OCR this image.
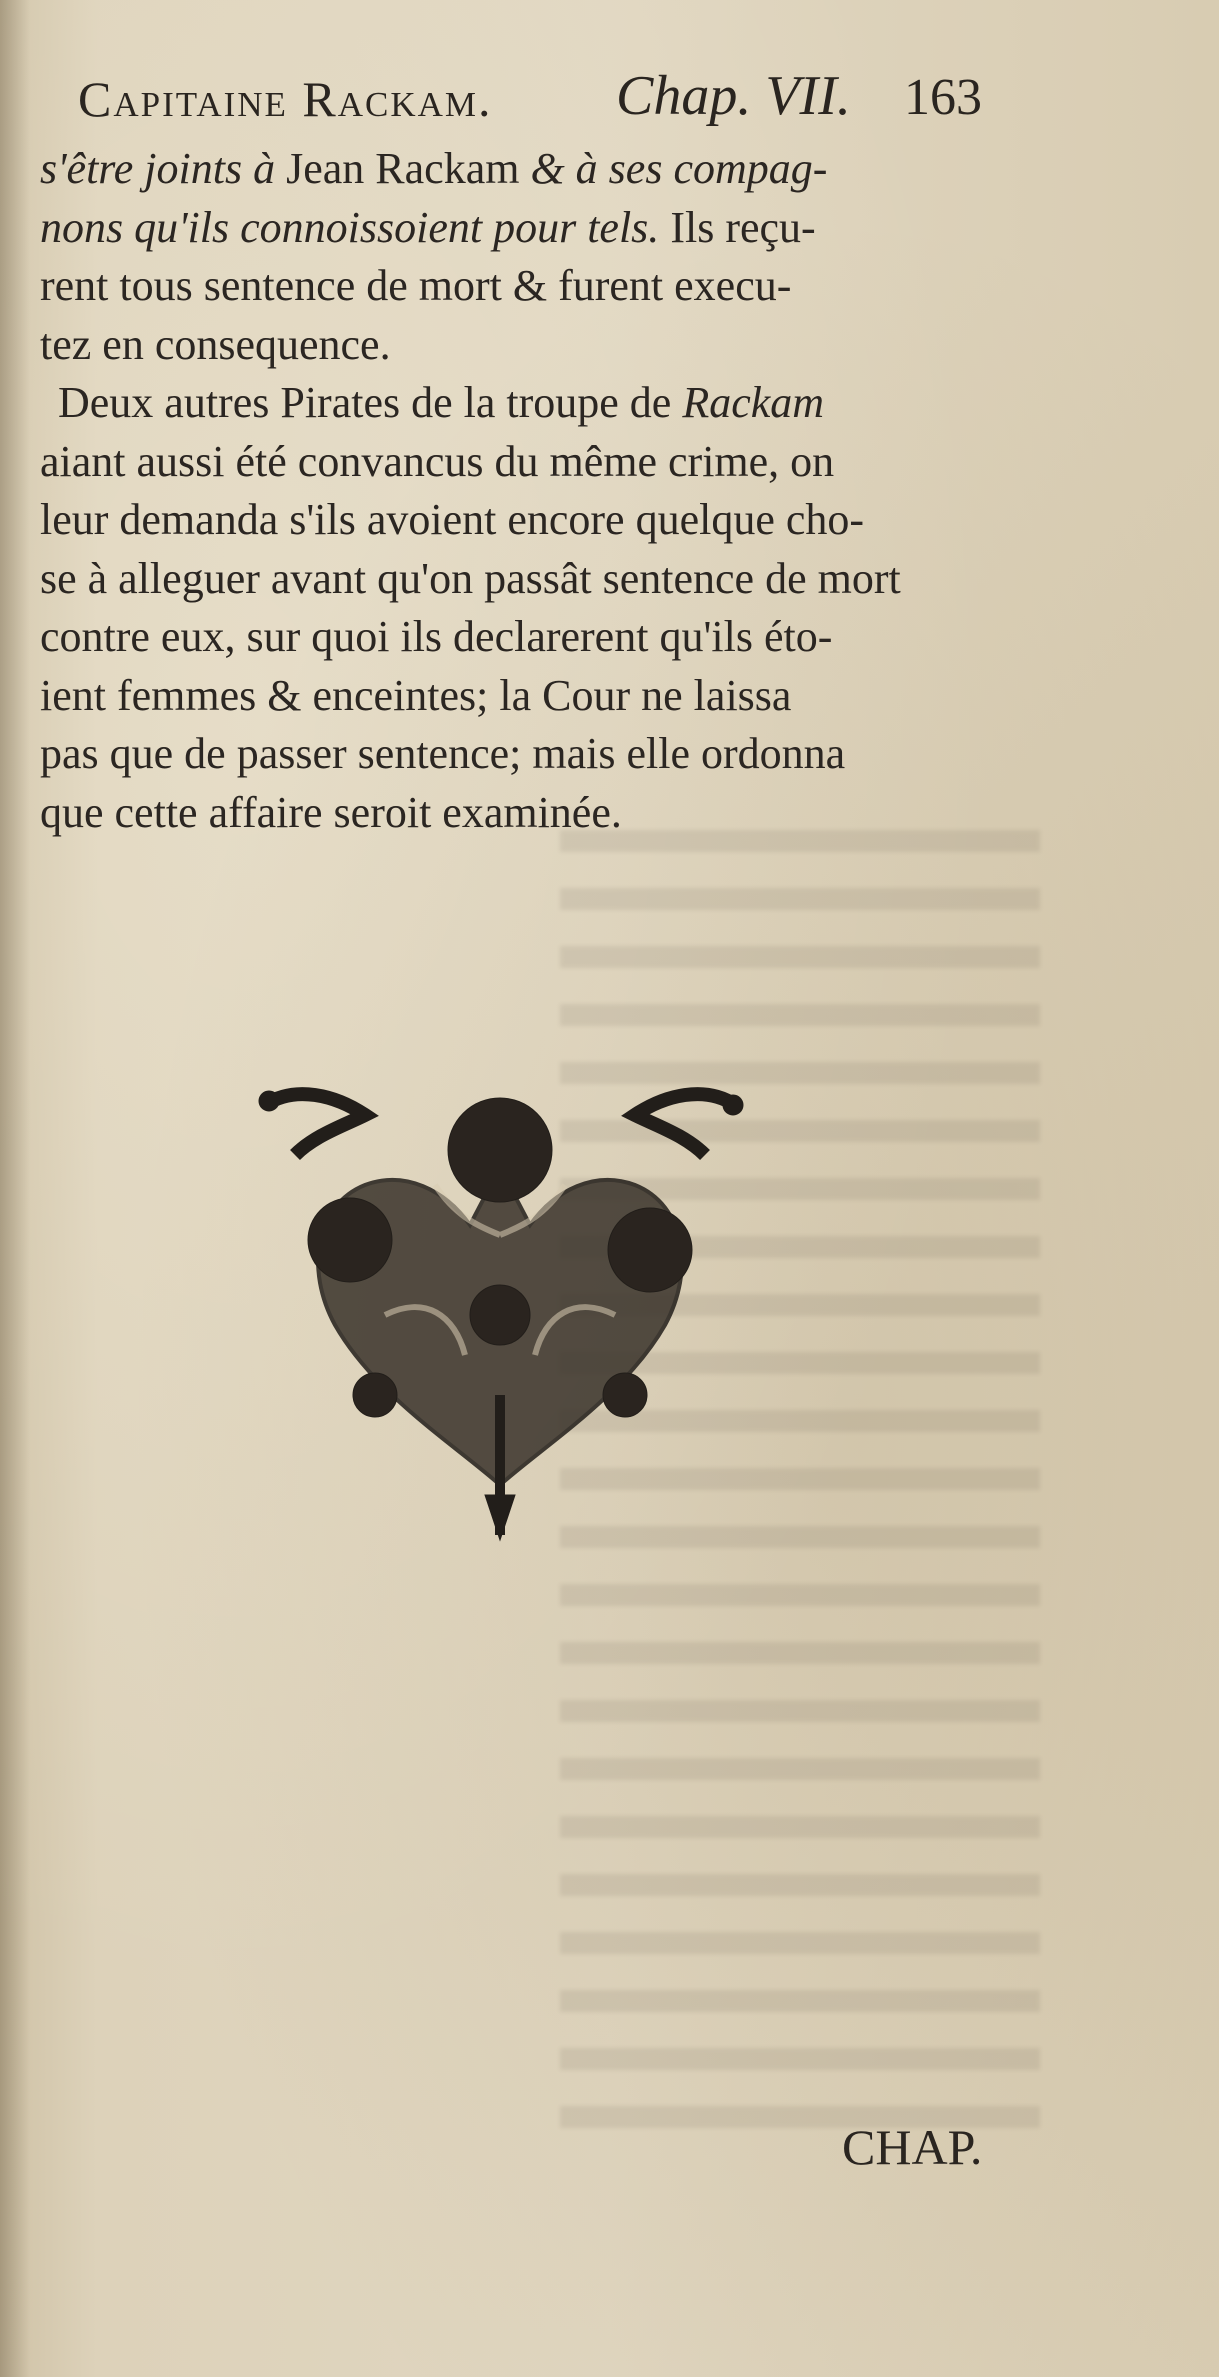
Capitaine Rackam. Chap. VII. 163
s'être joints à Jean Rackam & à ses compag-
nons qu'ils connoissoient pour tels. Ils reçu-
rent tous sentence de mort & furent execu-
tez en consequence.
Deux autres Pirates de la troupe de Rackam
aiant aussi été convancus du même crime, on
leur demanda s'ils avoient encore quelque cho-
se à alleguer avant qu'on passât sentence de mort
contre eux, sur quoi ils declarerent qu'ils éto-
ient femmes & enceintes; la Cour ne laissa
pas que de passer sentence; mais elle ordonna
que cette affaire seroit examinée.
CHAP.
